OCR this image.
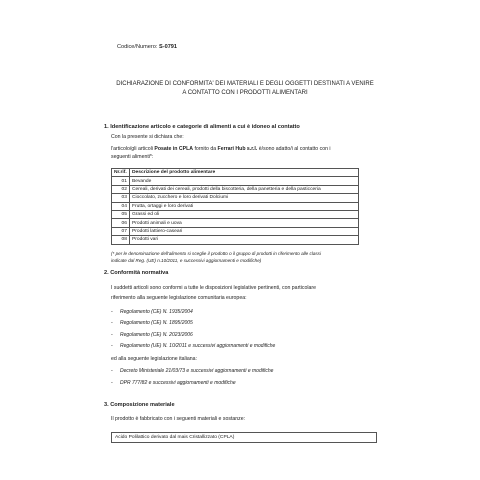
Codice/Numero: S-0791
DICHIARAZIONE DI CONFORMITA' DEI MATERIALI E DEGLI OGGETTI DESTINATI A VENIRE
A CONTATTO CON I PRODOTTI ALIMENTARI
1. Identificazione articolo e categorie di alimenti a cui è idoneo al contatto
Con la presente si dichiara che:
l'articolo/gli articoli Posate in CPLA fornito da Ferrari Hub s.r.l. è/sono adatto/i al contatto con i
seguenti alimenti*:
Nr.rif.	Descrizione del prodotto alimentare
01	Bevande
02	Cereali, derivati dei cereali, prodotti della biscotteria, della panetteria e della pasticceria
03	Cioccolato, zucchero e loro derivati Dolciumi
04	Frutta, ortaggi e loro derivati
05	Grassi ed oli
06	Prodotti animali e uova
07	Prodotti lattiero-caseari
08	Prodotti vari
(* per le denominazione dell'alimento si sceglie il prodotto o il gruppo di prodotti in riferimento alle classi
indicate dal Reg. (UE) n.10/2011, e successivi aggiornamenti e modifiche)
2. Conformità normativa
I suddetti articoli sono conformi a tutte le disposizioni legislative pertinenti, con particolare
riferimento alla seguente legislazione comunitaria europea:
- Regolamento (CE) N. 1935/2004
- Regolamento (CE) N. 1895/2005
- Regolamento (CE) N. 2023/2006
- Regolamento (UE) N. 10/2011 e successivi aggiornamenti e modifiche
ed alla seguente legislazione italiana:
- Decreto Ministeriale 21/03/73 e successivi aggiornamenti e modifiche
- DPR 777/82 e successivi aggiornamenti e modifiche
3. Composizione materiale
Il prodotto è fabbricato con i seguenti materiali e sostanze:
Acido Polilattico derivato dal mais Cristallizzato (CPLA)
